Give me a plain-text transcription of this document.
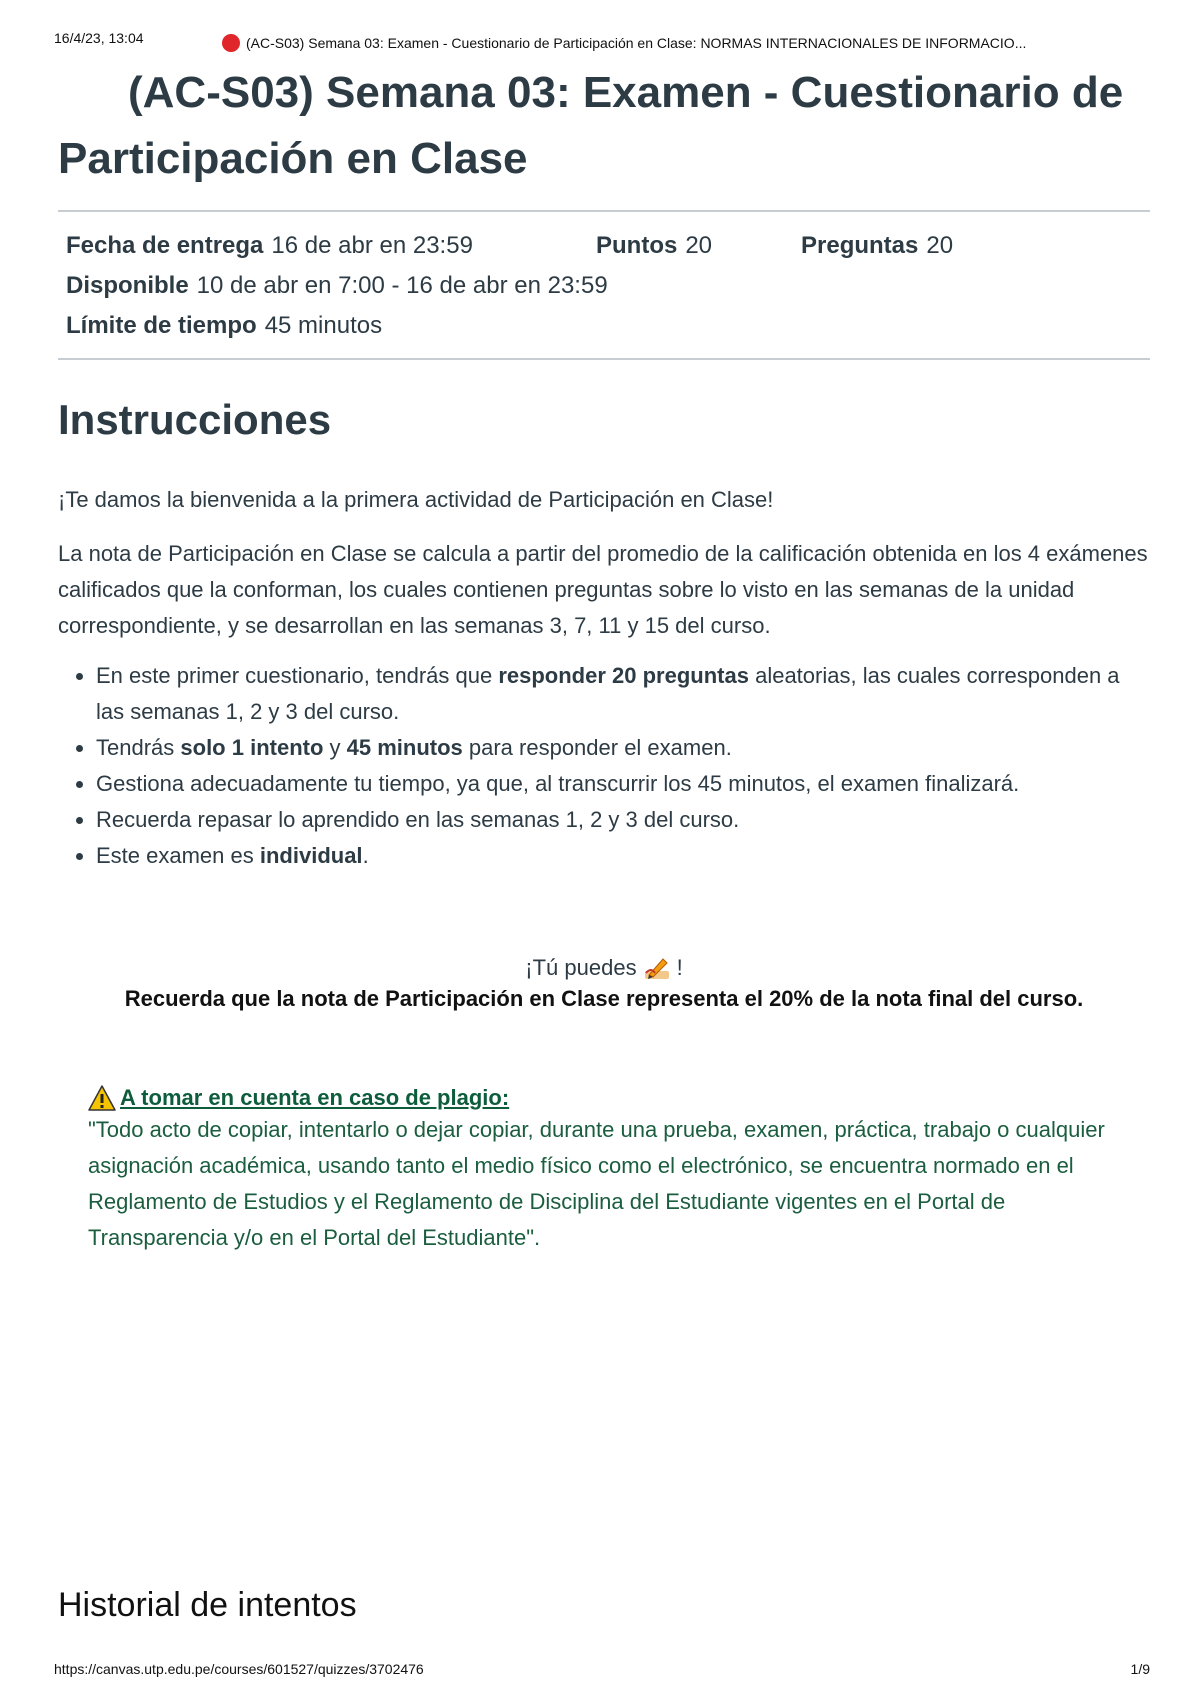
16/4/23, 13:04	(AC-S03) Semana 03: Examen - Cuestionario de Participación en Clase: NORMAS INTERNACIONALES DE INFORMACIO...
(AC-S03) Semana 03: Examen - Cuestionario de Participación en Clase
Fecha de entrega 16 de abr en 23:59	Puntos 20	Preguntas 20
Disponible 10 de abr en 7:00 - 16 de abr en 23:59
Límite de tiempo 45 minutos
Instrucciones

¡Te damos la bienvenida a la primera actividad de Participación en Clase!

La nota de Participación en Clase se calcula a partir del promedio de la calificación obtenida en los 4 exámenes calificados que la conforman, los cuales contienen preguntas sobre lo visto en las semanas de la unidad correspondiente, y se desarrollan en las semanas 3, 7, 11 y 15 del curso.

• En este primer cuestionario, tendrás que responder 20 preguntas aleatorias, las cuales corresponden a las semanas 1, 2 y 3 del curso.
• Tendrás solo 1 intento y 45 minutos para responder el examen.
• Gestiona adecuadamente tu tiempo, ya que, al transcurrir los 45 minutos, el examen finalizará.
• Recuerda repasar lo aprendido en las semanas 1, 2 y 3 del curso.
• Este examen es individual.
¡Tú puedes !

Recuerda que la nota de Participación en Clase representa el 20% de la nota final del curso.

A tomar en cuenta en caso de plagio:

"Todo acto de copiar, intentarlo o dejar copiar, durante una prueba, examen, práctica, trabajo o cualquier asignación académica, usando tanto el medio físico como el electrónico, se encuentra normado en el Reglamento de Estudios y el Reglamento de Disciplina del Estudiante vigentes en el Portal de Transparencia y/o en el Portal del Estudiante".

Historial de intentos
https://canvas.utp.edu.pe/courses/601527/quizzes/3702476	1/9
